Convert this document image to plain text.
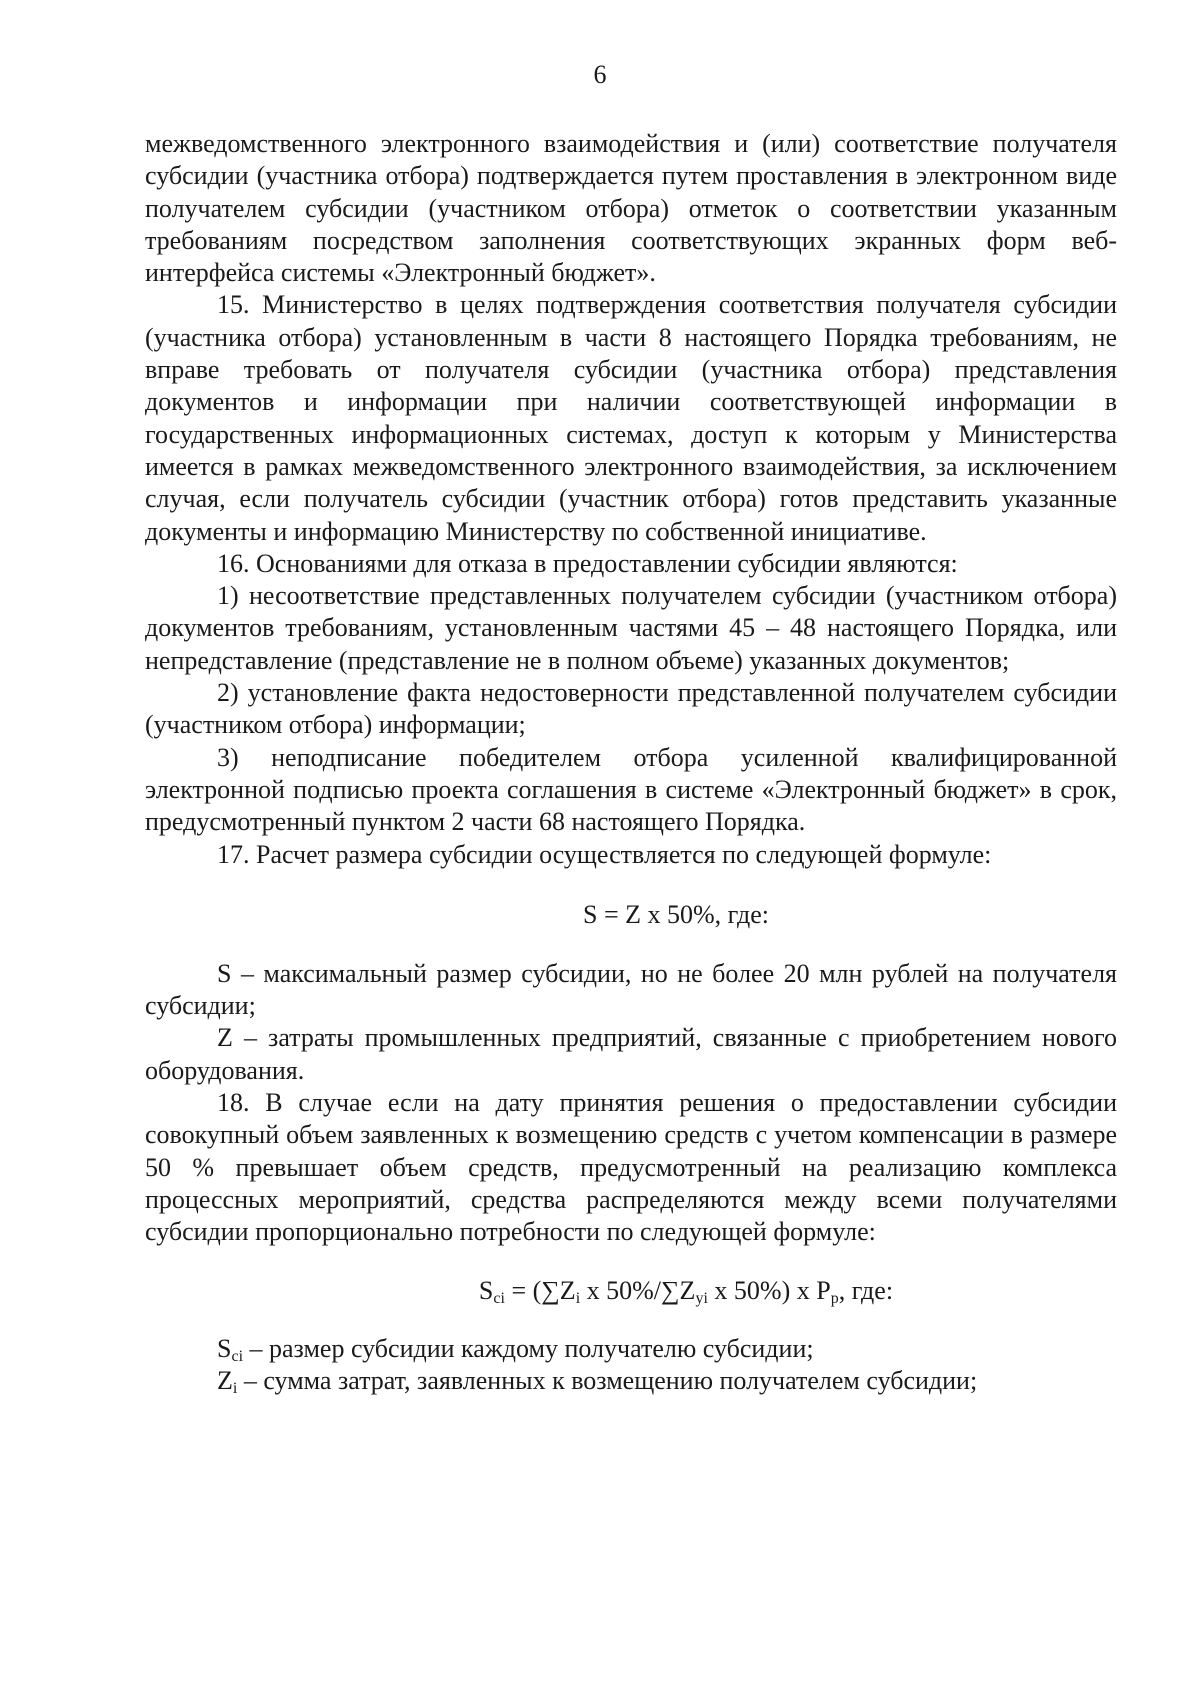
6

межведомственного электронного взаимодействия и (или) соответствие получателя субсидии (участника отбора) подтверждается путем проставления в электронном виде получателем субсидии (участником отбора) отметок о соответствии указанным требованиям посредством заполнения соответствующих экранных форм веб-интерфейса системы «Электронный бюджет».

15. Министерство в целях подтверждения соответствия получателя субсидии (участника отбора) установленным в части 8 настоящего Порядка требованиям, не вправе требовать от получателя субсидии (участника отбора) представления документов и информации при наличии соответствующей информации в государственных информационных системах, доступ к которым у Министерства имеется в рамках межведомственного электронного взаимодействия, за исключением случая, если получатель субсидии (участник отбора) готов представить указанные документы и информацию Министерству по собственной инициативе.

16. Основаниями для отказа в предоставлении субсидии являются:

1) несоответствие представленных получателем субсидии (участником отбора) документов требованиям, установленным частями 45 – 48 настоящего Порядка, или непредставление (представление не в полном объеме) указанных документов;

2) установление факта недостоверности представленной получателем субсидии (участником отбора) информации;

3) неподписание победителем отбора усиленной квалифицированной электронной подписью проекта соглашения в системе «Электронный бюджет» в срок, предусмотренный пунктом 2 части 68 настоящего Порядка.

17. Расчет размера субсидии осуществляется по следующей формуле:

S = Z x 50%, где:

S – максимальный размер субсидии, но не более 20 млн рублей на получателя субсидии;

Z – затраты промышленных предприятий, связанные с приобретением нового оборудования.

18. В случае если на дату принятия решения о предоставлении субсидии совокупный объем заявленных к возмещению средств с учетом компенсации в размере 50 % превышает объем средств, предусмотренный на реализацию комплекса процессных мероприятий, средства распределяются между всеми получателями субсидии пропорционально потребности по следующей формуле:

$S_{ci} = (\sum Z_i$ x $50\%/\sum Z_{yi}$ x 50%) x $P_p$, где:

$S_{ci}$ – размер субсидии каждому получателю субсидии;

$Z_i$ – сумма затрат, заявленных к возмещению получателем субсидии;
